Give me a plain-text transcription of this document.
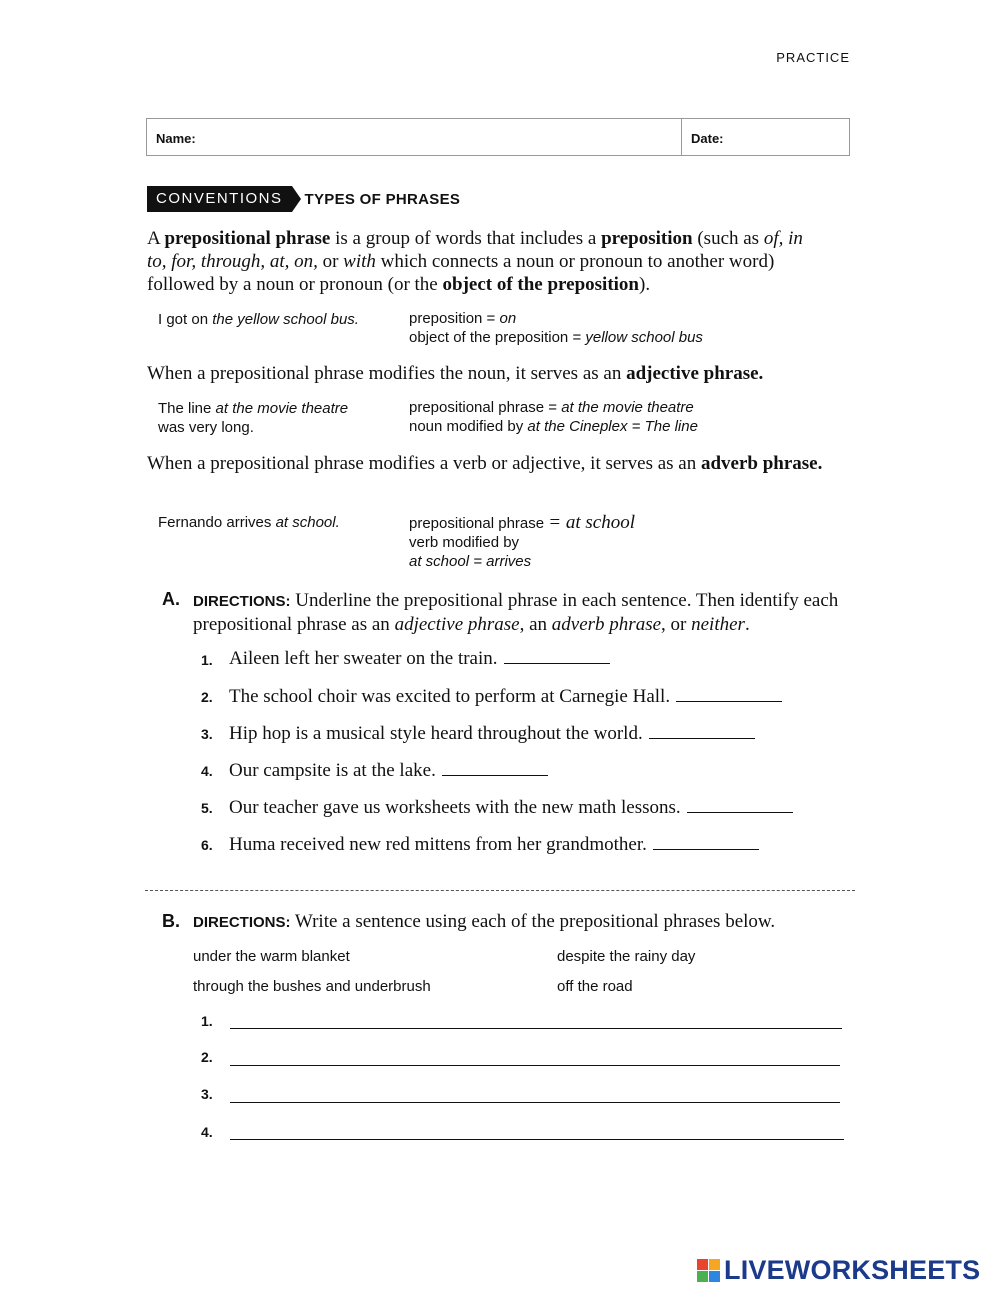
PRACTICE
Name:	Date:
CONVENTIONS	TYPES OF PHRASES
A prepositional phrase is a group of words that includes a preposition (such as of, in to, for, through, at, on, or with which connects a noun or pronoun to another word) followed by a noun or pronoun (or the object of the preposition).
I got on the yellow school bus.	preposition = on
object of the preposition = yellow school bus
When a prepositional phrase modifies the noun, it serves as an adjective phrase.
The line at the movie theatre
was very long.
prepositional phrase = at the movie theatre
noun modified by at the Cineplex = The line
When a prepositional phrase modifies a verb or adjective, it serves as an adverb phrase.
Fernando arrives at school.	prepositional phrase = at school
verb modified by
at school = arrives
A. DIRECTIONS: Underline the prepositional phrase in each sentence. Then identify each prepositional phrase as an adjective phrase, an adverb phrase, or neither.
1. Aileen left her sweater on the train.
2. The school choir was excited to perform at Carnegie Hall.
3. Hip hop is a musical style heard throughout the world.
4. Our campsite is at the lake.
5. Our teacher gave us worksheets with the new math lessons.
6. Huma received new red mittens from her grandmother.
B. DIRECTIONS: Write a sentence using each of the prepositional phrases below.
under the warm blanket	despite the rainy day
through the bushes and underbrush	off the road
1.
2.
3.
4.
LIVEWORKSHEETS
